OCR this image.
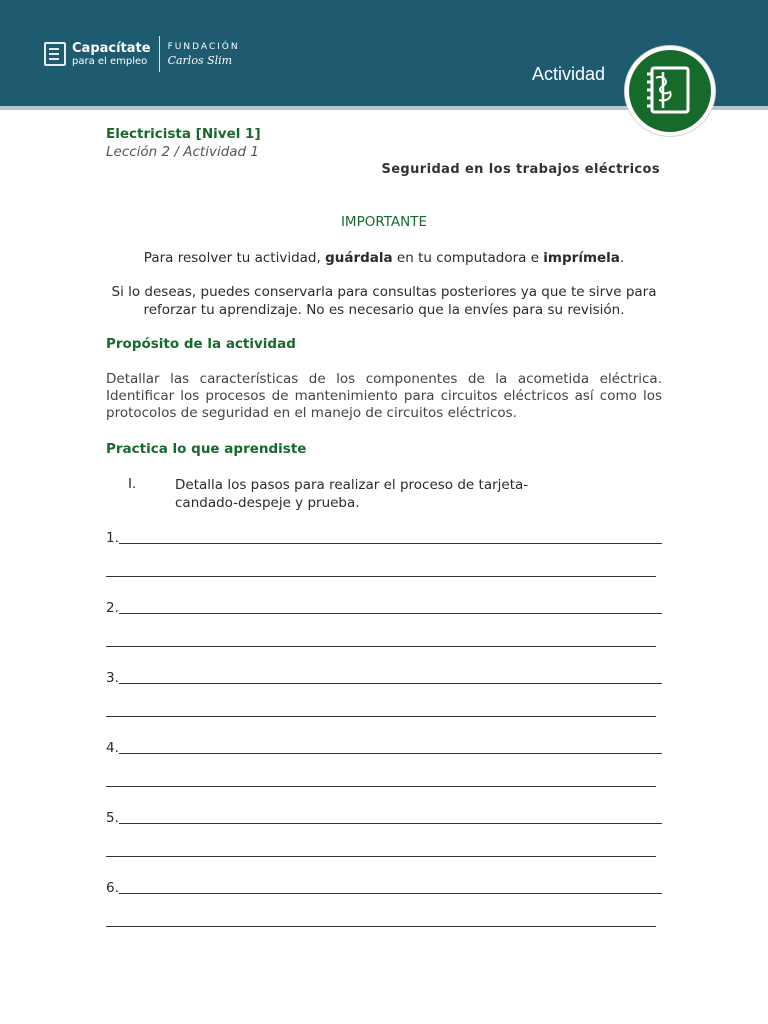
Capacítate
para el empleo
FUNDACIÓN
Carlos Slim
Actividad
Electricista [Nivel 1]
Lección 2 / Actividad 1
Seguridad en los trabajos eléctricos
IMPORTANTE
Para resolver tu actividad, guárdala en tu computadora e imprímela.
Si lo deseas, puedes conservarla para consultas posteriores ya que te sirve para reforzar tu aprendizaje. No es necesario que la envíes para su revisión.
Propósito de la actividad
Detallar las características de los componentes de la acometida eléctrica. Identificar los procesos de mantenimiento para circuitos eléctricos así como los protocolos de seguridad en el manejo de circuitos eléctricos.
Practica lo que aprendiste
I.	Detalla los pasos para realizar el proceso de tarjeta-candado-despeje y prueba.
1.
2.
3.
4.
5.
6.
